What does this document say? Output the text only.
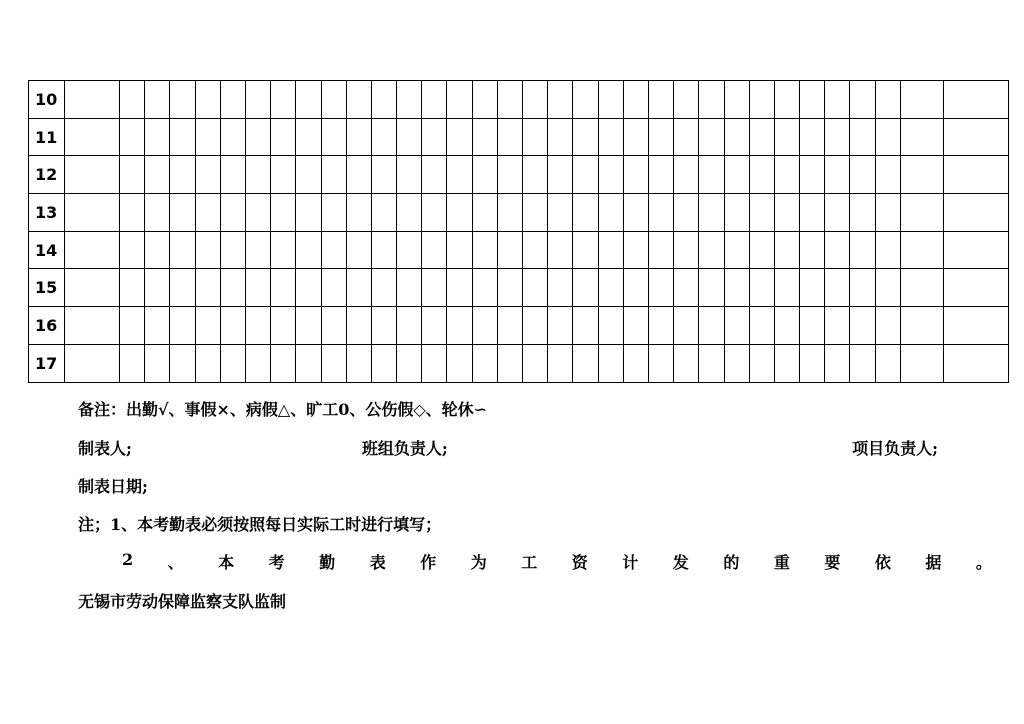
10																																		
11																																		
12																																		
13																																		
14																																		
15																																		
16																																		
17																																		
备注：出勤√、事假×、病假△、旷工0、公伤假◇、轮休∽
制表人;	班组负责人;	项目负责人;
制表日期;
注；1、本考勤表必须按照每日实际工时进行填写；
2 、 本 考 勤 表 作 为 工 资 计 发 的 重 要 依 据 。
无锡市劳动保障监察支队监制
